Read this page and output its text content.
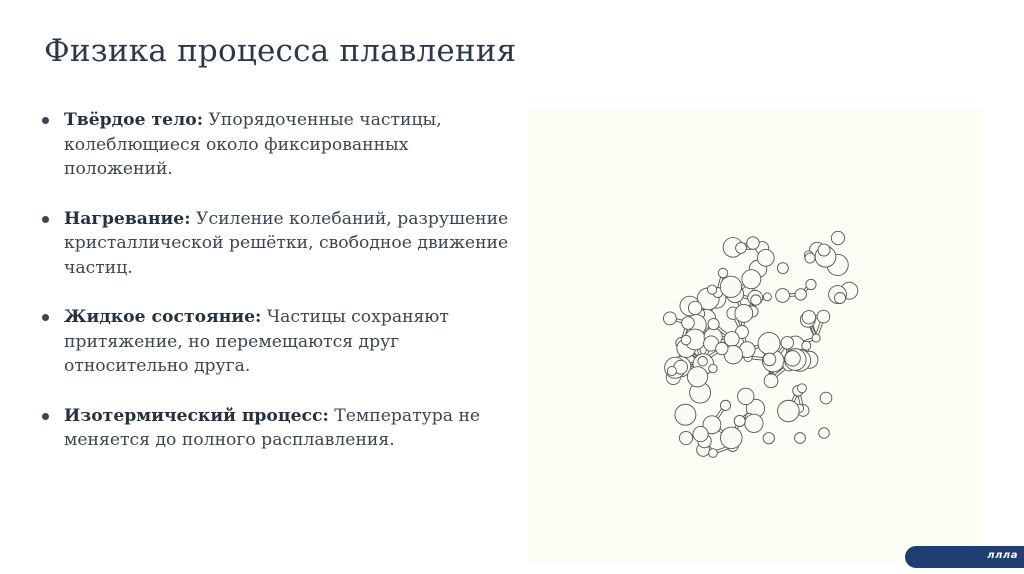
Физика процесса плавления
Твёрдое тело: Упорядоченные частицы, колеблющиеся около фиксированных положений.
Нагревание: Усиление колебаний, разрушение кристаллической решётки, свободное движение частиц.
Жидкое состояние: Частицы сохраняют притяжение, но перемещаются друг относительно друга.
Изотермический процесс: Температура не меняется до полного расплавления.
ллла
